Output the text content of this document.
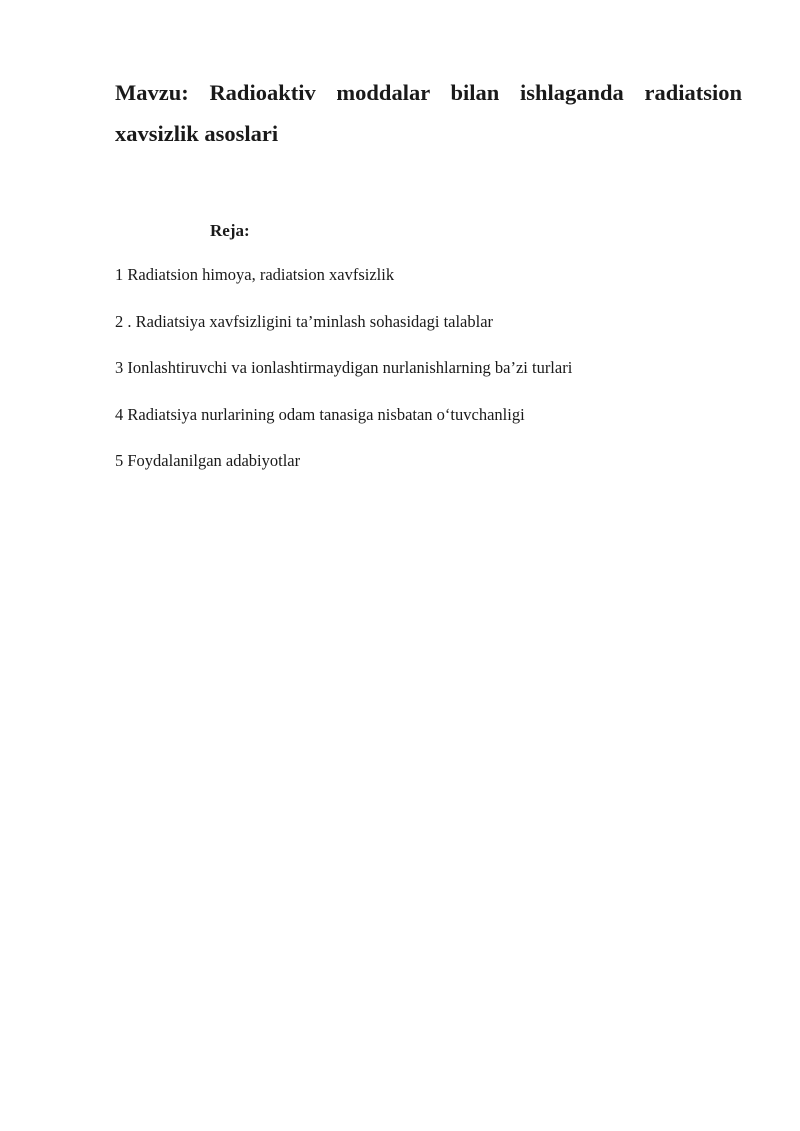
Mavzu: Radioaktiv moddalar bilan ishlaganda radiatsion xavsizlik asoslari

Reja:

1 Radiatsion himoya, radiatsion xavfsizlik
2 . Radiatsiya xavfsizligini ta’minlash sohasidagi talablar
3 Ionlashtiruvchi va ionlashtirmaydigan nurlanishlarning ba’zi turlari
4 Radiatsiya nurlarining odam tanasiga nisbatan o‘tuvchanligi
5 Foydalanilgan adabiyotlar
